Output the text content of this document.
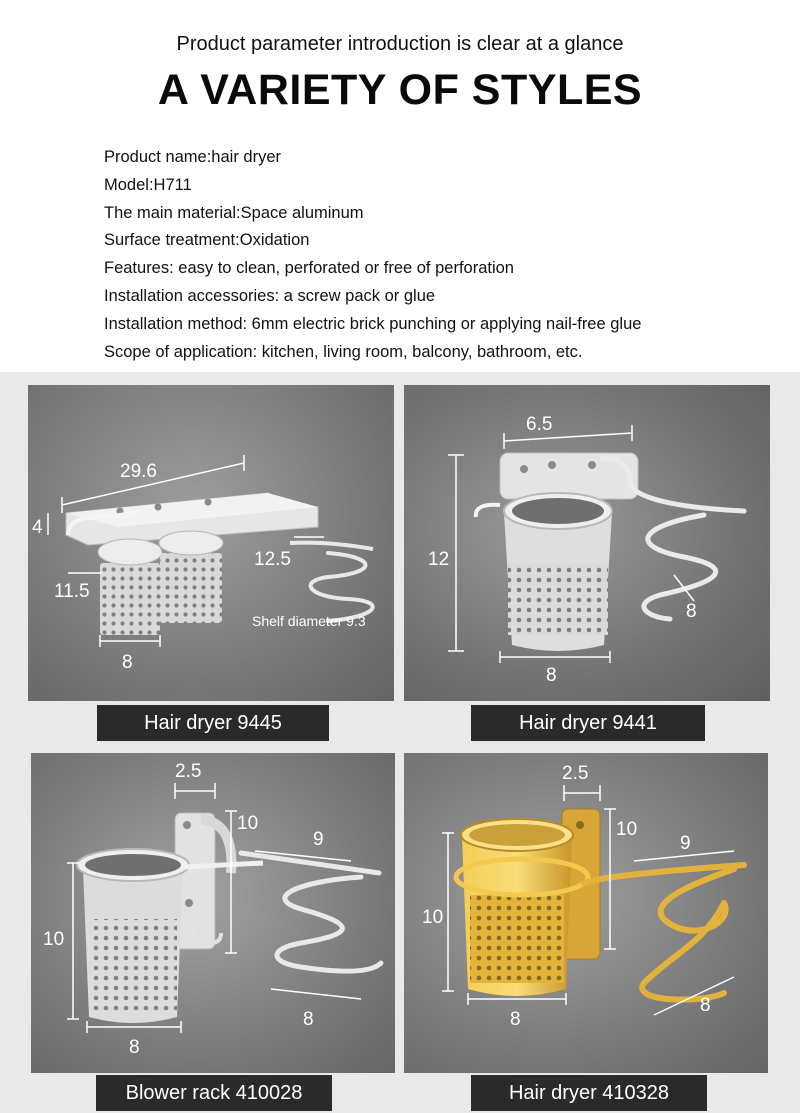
Product parameter introduction is clear at a glance
A VARIETY OF STYLES
Product name:hair dryer
Model:H711
The main material:Space aluminum
Surface treatment:Oxidation
Features: easy to clean, perforated or free of perforation
Installation accessories: a screw pack or glue
Installation method: 6mm electric brick punching or applying nail-free glue
Scope of application: kitchen, living room, balcony, bathroom, etc.
29.6
4
11.5
12.5
8
Shelf diameter 9.3
Hair dryer 9445
6.5
12
8
8
Hair dryer 9441
2.5
10
9
10
8
8
Blower rack 410028
2.5
10
9
10
8
8
Hair dryer 410328
